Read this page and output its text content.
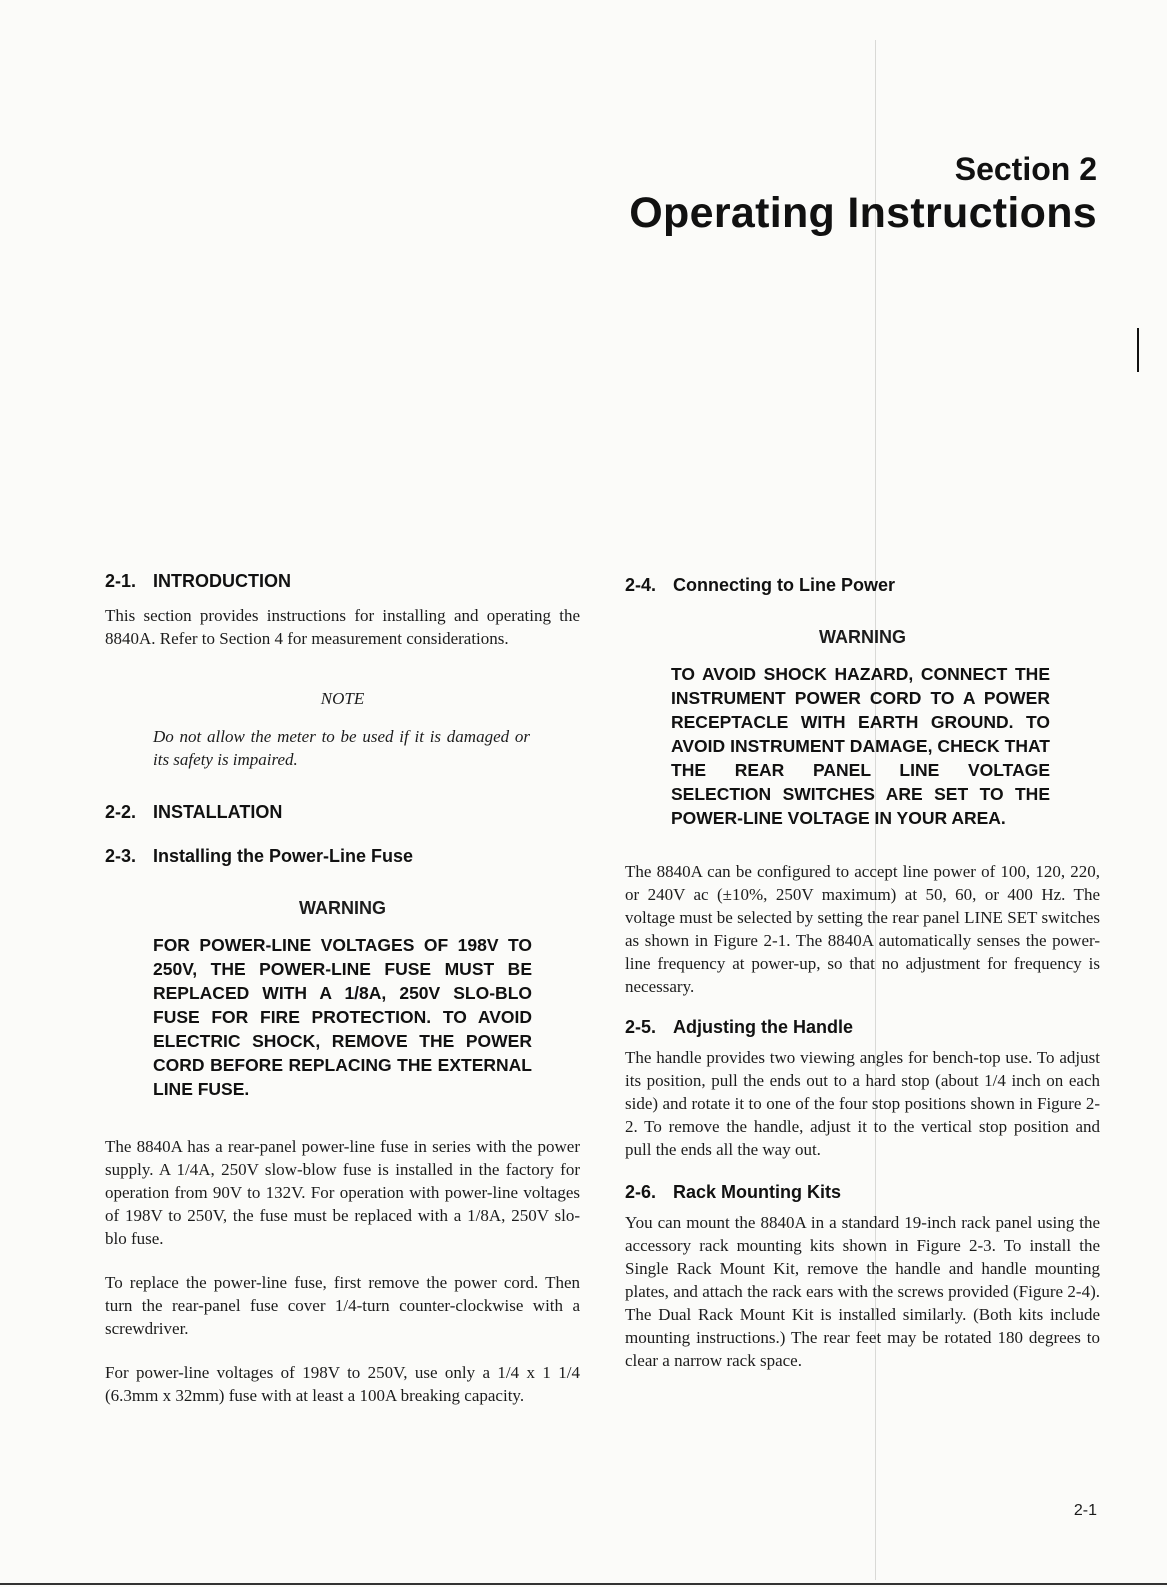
Section 2
Operating Instructions
2-1. INTRODUCTION

This section provides instructions for installing and operating the 8840A. Refer to Section 4 for measurement considerations.

NOTE

Do not allow the meter to be used if it is damaged or its safety is impaired.

2-2. INSTALLATION
2-3. Installing the Power-Line Fuse

WARNING

FOR POWER-LINE VOLTAGES OF 198V TO 250V, THE POWER-LINE FUSE MUST BE REPLACED WITH A 1/8A, 250V SLO-BLO FUSE FOR FIRE PROTECTION. TO AVOID ELECTRIC SHOCK, REMOVE THE POWER CORD BEFORE REPLACING THE EXTERNAL LINE FUSE.

The 8840A has a rear-panel power-line fuse in series with the power supply. A 1/4A, 250V slow-blow fuse is installed in the factory for operation from 90V to 132V. For operation with power-line voltages of 198V to 250V, the fuse must be replaced with a 1/8A, 250V slo-blo fuse.

To replace the power-line fuse, first remove the power cord. Then turn the rear-panel fuse cover 1/4-turn counter-clockwise with a screwdriver.

For power-line voltages of 198V to 250V, use only a 1/4 x 1 1/4 (6.3mm x 32mm) fuse with at least a 100A breaking capacity.

2-4. Connecting to Line Power

WARNING

TO AVOID SHOCK HAZARD, CONNECT THE INSTRUMENT POWER CORD TO A POWER RECEPTACLE WITH EARTH GROUND. TO AVOID INSTRUMENT DAMAGE, CHECK THAT THE REAR PANEL LINE VOLTAGE SELECTION SWITCHES ARE SET TO THE POWER-LINE VOLTAGE IN YOUR AREA.

The 8840A can be configured to accept line power of 100, 120, 220, or 240V ac (±10%, 250V maximum) at 50, 60, or 400 Hz. The voltage must be selected by setting the rear panel LINE SET switches as shown in Figure 2-1. The 8840A automatically senses the power-line frequency at power-up, so that no adjustment for frequency is necessary.

2-5. Adjusting the Handle

The handle provides two viewing angles for bench-top use. To adjust its position, pull the ends out to a hard stop (about 1/4 inch on each side) and rotate it to one of the four stop positions shown in Figure 2-2. To remove the handle, adjust it to the vertical stop position and pull the ends all the way out.

2-6. Rack Mounting Kits

You can mount the 8840A in a standard 19-inch rack panel using the accessory rack mounting kits shown in Figure 2-3. To install the Single Rack Mount Kit, remove the handle and handle mounting plates, and attach the rack ears with the screws provided (Figure 2-4). The Dual Rack Mount Kit is installed similarly. (Both kits include mounting instructions.) The rear feet may be rotated 180 degrees to clear a narrow rack space.

2-1
